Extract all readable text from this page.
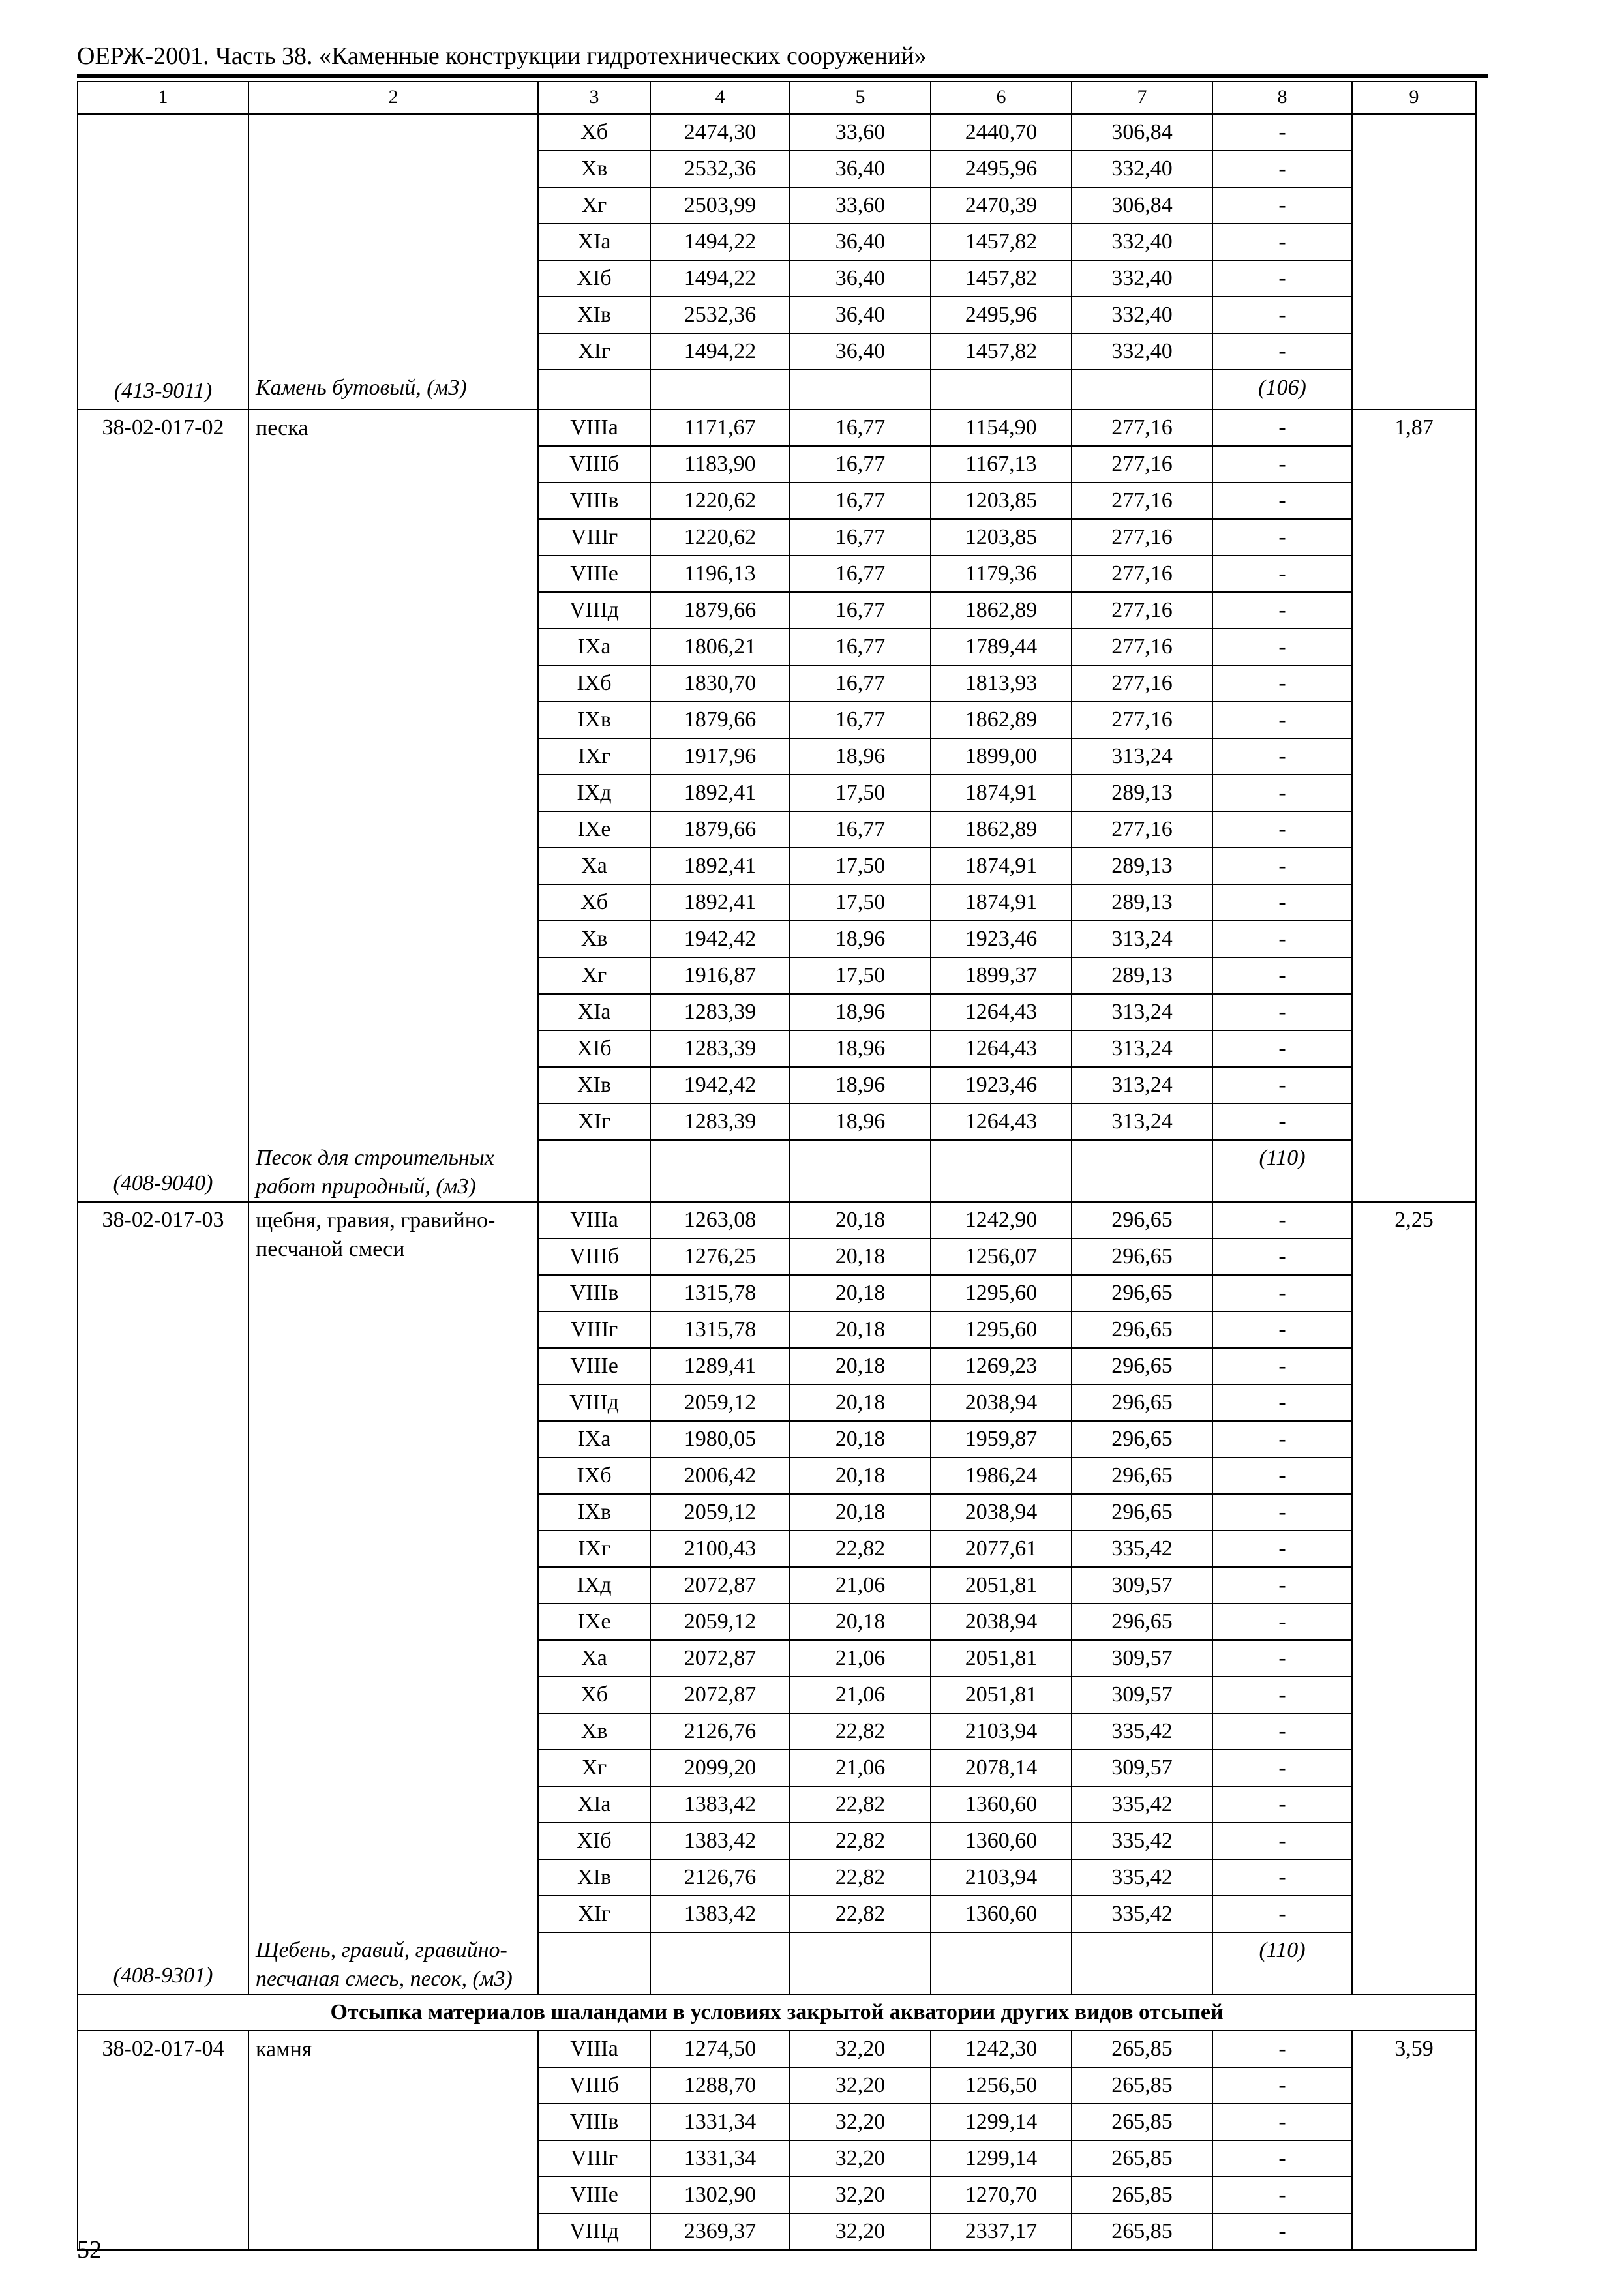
ОЕРЖ-2001. Часть 38. «Каменные конструкции гидротехнических сооружений»
1	2	3	4	5	6	7	8	9
		Хб	2474,30	33,60	2440,70	306,84	-	
		Хв	2532,36	36,40	2495,96	332,40	-	
		Хг	2503,99	33,60	2470,39	306,84	-	
		XIа	1494,22	36,40	1457,82	332,40	-	
		XIб	1494,22	36,40	1457,82	332,40	-	
		XIв	2532,36	36,40	2495,96	332,40	-	
		XIг	1494,22	36,40	1457,82	332,40	-	
(413-9011)	Камень бутовый, (м3)						(106)	
38-02-017-02	песка	VIIIа	1171,67	16,77	1154,90	277,16	-	1,87
		VIIIб	1183,90	16,77	1167,13	277,16	-	
		VIIIв	1220,62	16,77	1203,85	277,16	-	
		VIIIг	1220,62	16,77	1203,85	277,16	-	
		VIIIе	1196,13	16,77	1179,36	277,16	-	
		VIIIд	1879,66	16,77	1862,89	277,16	-	
		IXа	1806,21	16,77	1789,44	277,16	-	
		IXб	1830,70	16,77	1813,93	277,16	-	
		IXв	1879,66	16,77	1862,89	277,16	-	
		IXг	1917,96	18,96	1899,00	313,24	-	
		IXд	1892,41	17,50	1874,91	289,13	-	
		IXе	1879,66	16,77	1862,89	277,16	-	
		Ха	1892,41	17,50	1874,91	289,13	-	
		Хб	1892,41	17,50	1874,91	289,13	-	
		Хв	1942,42	18,96	1923,46	313,24	-	
		Хг	1916,87	17,50	1899,37	289,13	-	
		XIа	1283,39	18,96	1264,43	313,24	-	
		XIб	1283,39	18,96	1264,43	313,24	-	
		XIв	1942,42	18,96	1923,46	313,24	-	
		XIг	1283,39	18,96	1264,43	313,24	-	
(408-9040)	Песок для строительных работ природный, (м3)						(110)	
38-02-017-03	щебня, гравия, гравийно-песчаной смеси	VIIIа	1263,08	20,18	1242,90	296,65	-	2,25
		VIIIб	1276,25	20,18	1256,07	296,65	-	
		VIIIв	1315,78	20,18	1295,60	296,65	-	
		VIIIг	1315,78	20,18	1295,60	296,65	-	
		VIIIе	1289,41	20,18	1269,23	296,65	-	
		VIIIд	2059,12	20,18	2038,94	296,65	-	
		IXа	1980,05	20,18	1959,87	296,65	-	
		IXб	2006,42	20,18	1986,24	296,65	-	
		IXв	2059,12	20,18	2038,94	296,65	-	
		IXг	2100,43	22,82	2077,61	335,42	-	
		IXд	2072,87	21,06	2051,81	309,57	-	
		IXе	2059,12	20,18	2038,94	296,65	-	
		Ха	2072,87	21,06	2051,81	309,57	-	
		Хб	2072,87	21,06	2051,81	309,57	-	
		Хв	2126,76	22,82	2103,94	335,42	-	
		Хг	2099,20	21,06	2078,14	309,57	-	
		XIа	1383,42	22,82	1360,60	335,42	-	
		XIб	1383,42	22,82	1360,60	335,42	-	
		XIв	2126,76	22,82	2103,94	335,42	-	
		XIг	1383,42	22,82	1360,60	335,42	-	
(408-9301)	Щебень, гравий, гравийно-песчаная смесь, песок, (м3)						(110)	
Отсыпка материалов шаландами в условиях закрытой акватории других видов отсыпей								
38-02-017-04	камня	VIIIа	1274,50	32,20	1242,30	265,85	-	3,59
		VIIIб	1288,70	32,20	1256,50	265,85	-	
		VIIIв	1331,34	32,20	1299,14	265,85	-	
		VIIIг	1331,34	32,20	1299,14	265,85	-	
		VIIIе	1302,90	32,20	1270,70	265,85	-	
		VIIIд	2369,37	32,20	2337,17	265,85	-	
52
